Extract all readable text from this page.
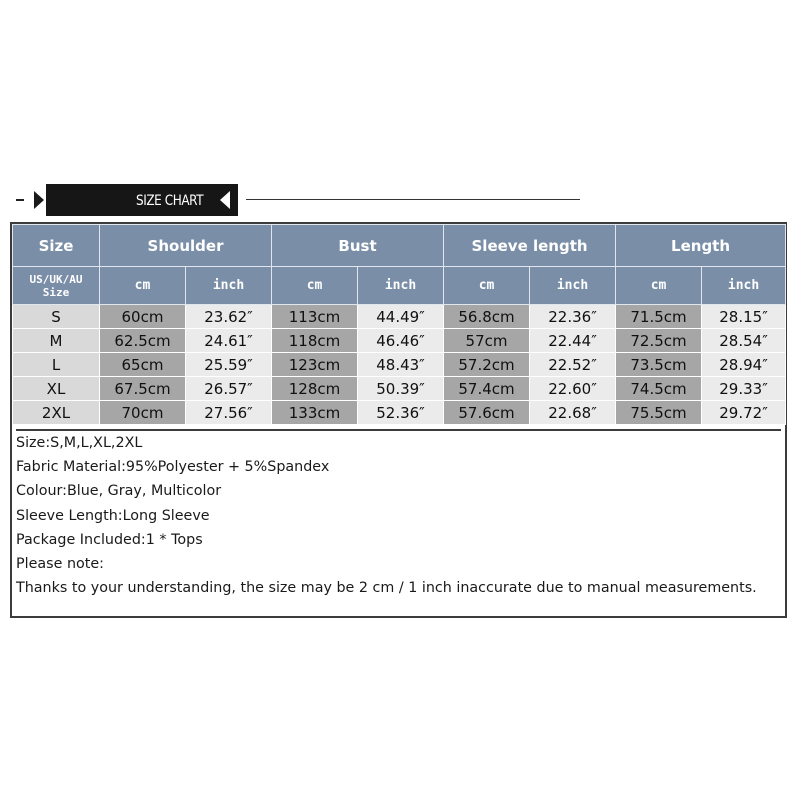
SIZE CHART
Size	Shoulder		Bust		Sleeve length		Length	
US/UK/AU Size	cm	inch	cm	inch	cm	inch	cm	inch
S	60cm	23.62″	113cm	44.49″	56.8cm	22.36″	71.5cm	28.15″
M	62.5cm	24.61″	118cm	46.46″	57cm	22.44″	72.5cm	28.54″
L	65cm	25.59″	123cm	48.43″	57.2cm	22.52″	73.5cm	28.94″
XL	67.5cm	26.57″	128cm	50.39″	57.4cm	22.60″	74.5cm	29.33″
2XL	70cm	27.56″	133cm	52.36″	57.6cm	22.68″	75.5cm	29.72″
Size:S,M,L,XL,2XL
Fabric Material:95%Polyester + 5%Spandex
Colour:Blue, Gray, Multicolor
Sleeve Length:Long Sleeve
Package Included:1 * Tops
Please note:
Thanks to your understanding, the size may be 2 cm / 1 inch inaccurate due to manual measurements.
